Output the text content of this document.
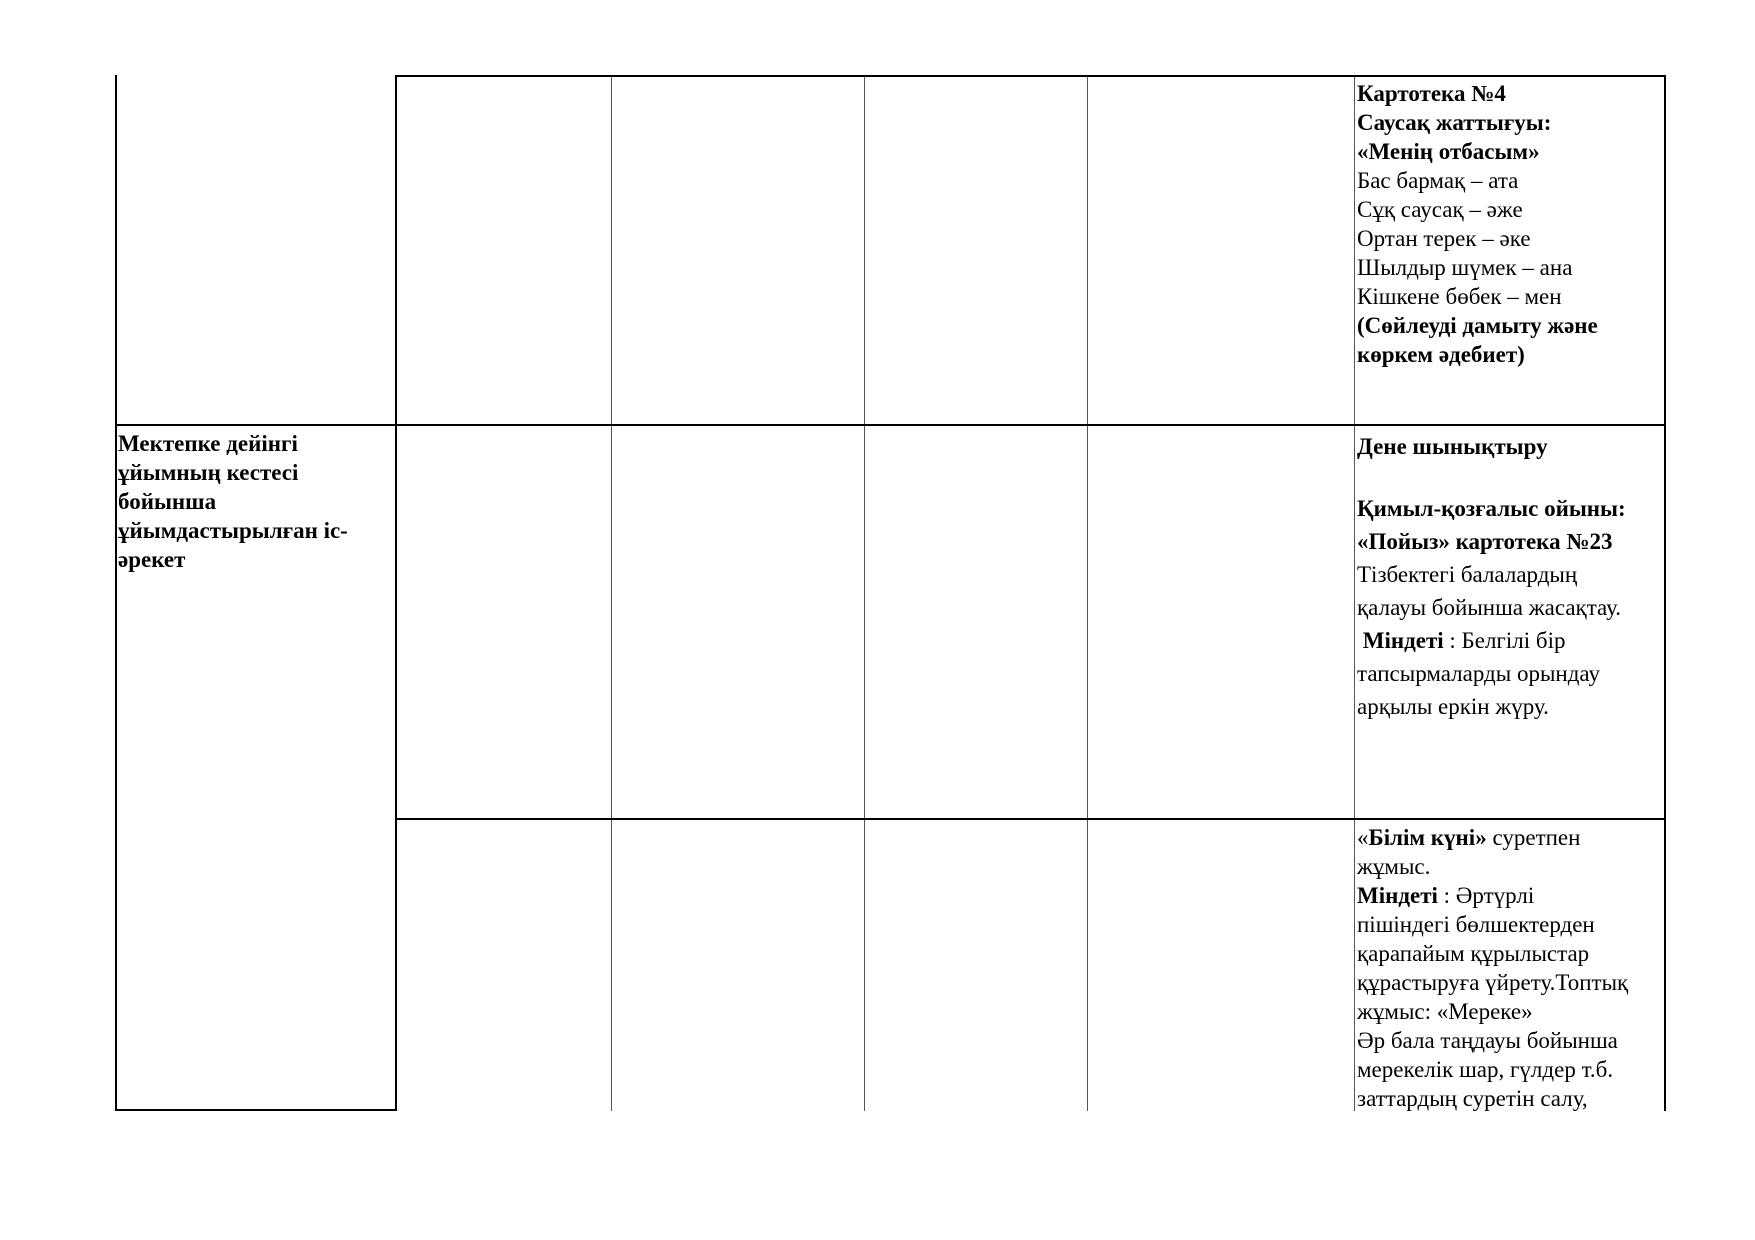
Мектепке дейінгі
ұйымның кестесі
бойынша
ұйымдастырылған іс-
әрекет
Картотека №4
Саусақ жаттығуы:
«Менің отбасым»
Бас бармақ – ата
Сұқ саусақ – әже
Ортан терек – әке
Шылдыр шүмек – ана
Кішкене бөбек – мен
(Сөйлеуді дамыту және
көркем әдебиет)
Дене шынықтыру
Қимыл-қозғалыс ойыны:
«Пойыз» картотека №23
Тізбектегі балалардың
қалауы бойынша жасақтау.
Міндеті : Белгілі бір
тапсырмаларды орындау
арқылы еркін жүру.
«Білім күні» суретпен
жұмыс.
Міндеті : Әртүрлі
пішіндегі бөлшектерден
қарапайым құрылыстар
құрастыруға үйрету.Топтық
жұмыс: «Мереке»
Әр бала таңдауы бойынша
мерекелік шар, гүлдер т.б.
заттардың суретін салу,
